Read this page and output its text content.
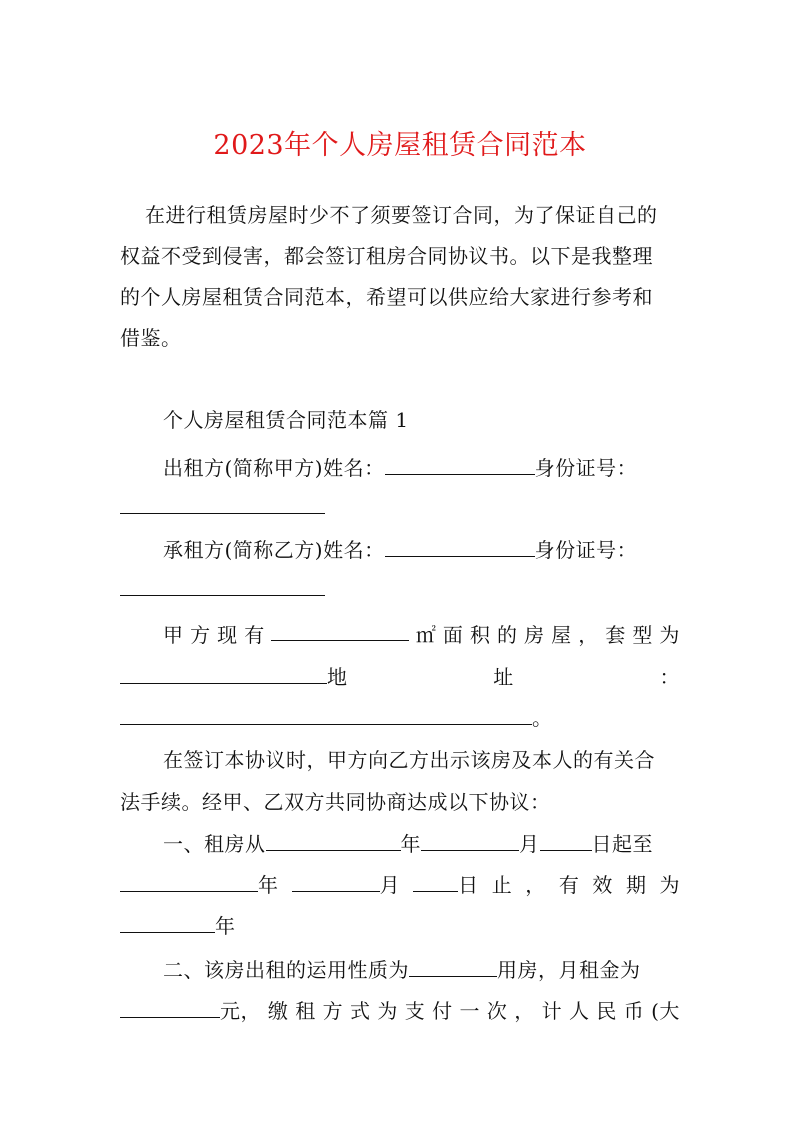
2023年个人房屋租赁合同范本
在进行租赁房屋时少不了须要签订合同，为了保证自己的
权益不受到侵害，都会签订租房合同协议书。以下是我整理
的个人房屋租赁合同范本，希望可以供应给大家进行参考和
借鉴。
个人房屋租赁合同范本篇 1
出租方(简称甲方)姓名：	身份证号：
承租方(简称乙方)姓名：	身份证号：
甲 方 现 有	㎡ 面 积 的 房 屋 ， 套 型 为
地	址	：
。
在签订本协议时，甲方向乙方出示该房及本人的有关合
法手续。经甲、乙双方共同协商达成以下协议：
一、租房从	年	月	日起至
年	月	日 止 ， 有 效 期 为
年
二、该房出租的运用性质为	用房，月租金为
元， 缴 租 方 式 为 支 付 一 次 ， 计 人 民 币 (大
